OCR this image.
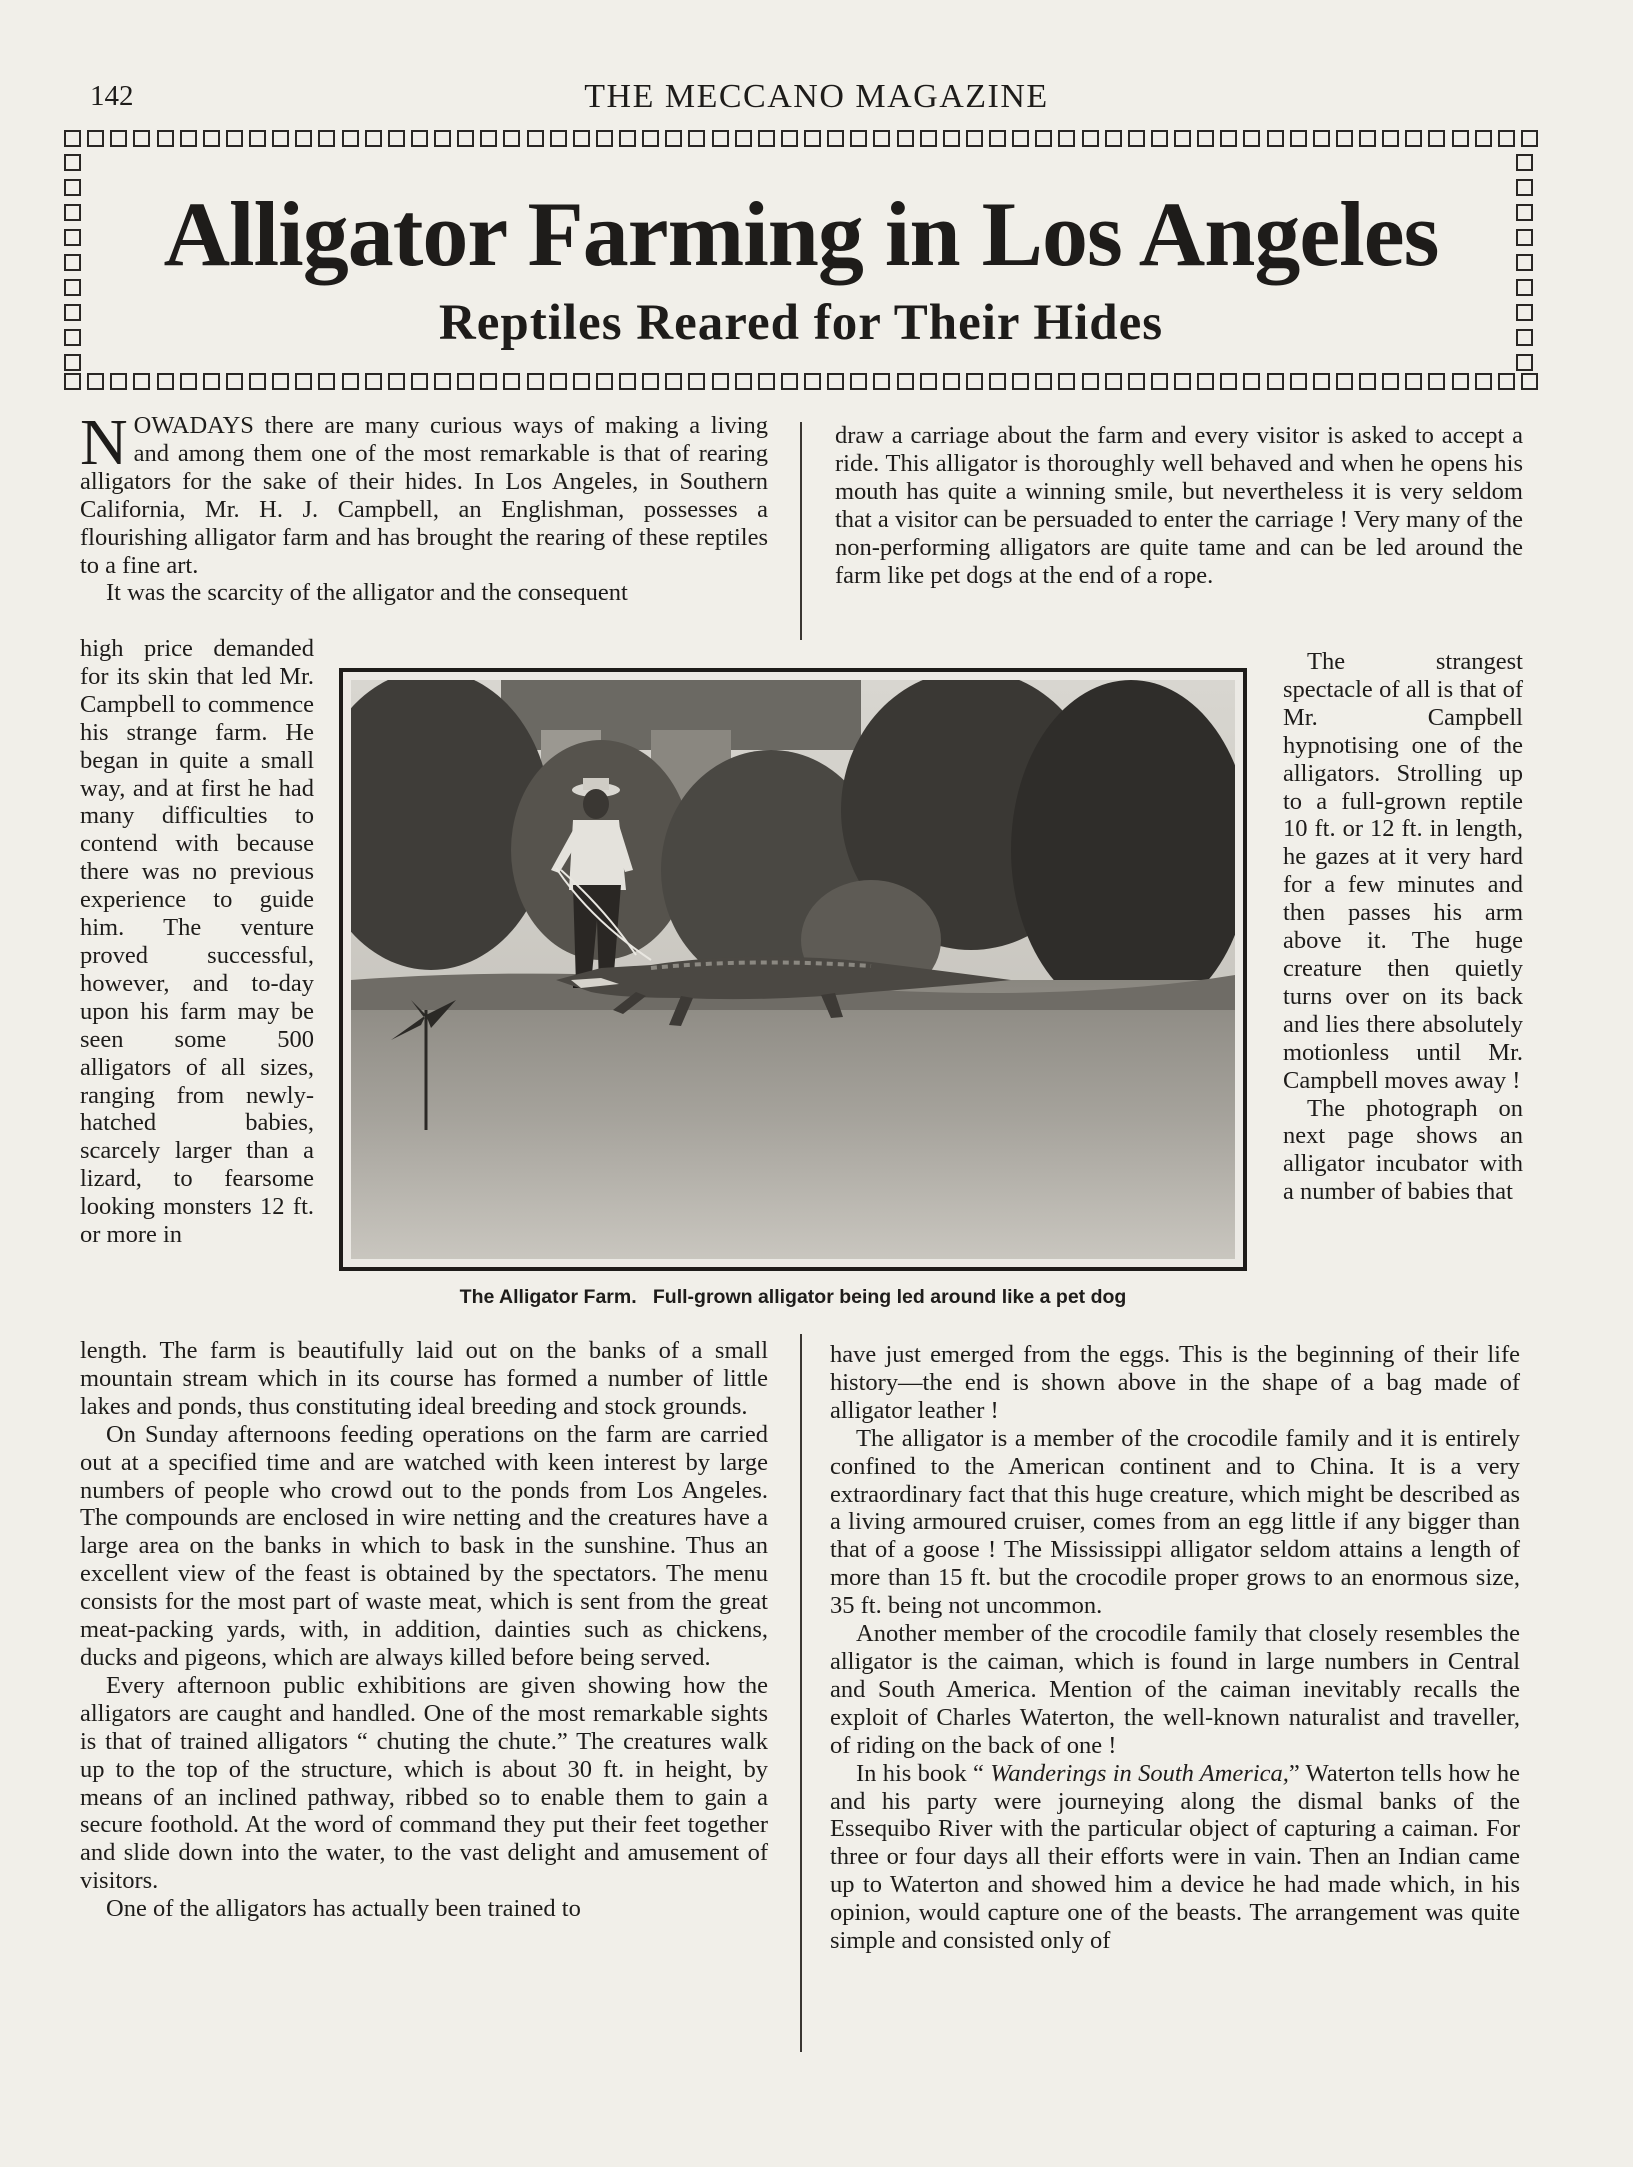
142	THE MECCANO MAGAZINE
Alligator Farming in Los Angeles
Reptiles Reared for Their Hides

NOWADAYS there are many curious ways of making a living and among them one of the most remarkable is that of rearing alligators for the sake of their hides. In Los Angeles, in Southern California, Mr. H. J. Campbell, an Englishman, possesses a flourishing alligator farm and has brought the rearing of these reptiles to a fine art.

It was the scarcity of the alligator and the consequent

high price demanded for its skin that led Mr. Campbell to commence his strange farm. He began in quite a small way, and at first he had many difficulties to contend with because there was no previous experience to guide him. The venture proved successful, however, and to-day upon his farm may be seen some 500 alligators of all sizes, ranging from newly-hatched babies, scarcely larger than a lizard, to fearsome looking monsters 12 ft. or more in

length. The farm is beautifully laid out on the banks of a small mountain stream which in its course has formed a number of little lakes and ponds, thus constituting ideal breeding and stock grounds.

On Sunday afternoons feeding operations on the farm are carried out at a specified time and are watched with keen interest by large numbers of people who crowd out to the ponds from Los Angeles. The compounds are enclosed in wire netting and the creatures have a large area on the banks in which to bask in the sunshine. Thus an excellent view of the feast is obtained by the spectators. The menu consists for the most part of waste meat, which is sent from the great meat-packing yards, with, in addition, dainties such as chickens, ducks and pigeons, which are always killed before being served.

Every afternoon public exhibitions are given showing how the alligators are caught and handled. One of the most remarkable sights is that of trained alligators “ chuting the chute.” The creatures walk up to the top of the structure, which is about 30 ft. in height, by means of an inclined pathway, ribbed so to enable them to gain a secure foothold. At the word of command they put their feet together and slide down into the water, to the vast delight and amusement of visitors.

One of the alligators has actually been trained to

draw a carriage about the farm and every visitor is asked to accept a ride. This alligator is thoroughly well behaved and when he opens his mouth has quite a winning smile, but nevertheless it is very seldom that a visitor can be persuaded to enter the carriage ! Very many of the non-performing alligators are quite tame and can be led around the farm like pet dogs at the end of a rope.

The strangest spectacle of all is that of Mr. Campbell hypnotising one of the alligators. Strolling up to a full-grown reptile 10 ft. or 12 ft. in length, he gazes at it very hard for a few minutes and then passes his arm above it. The huge creature then quietly turns over on its back and lies there absolutely motionless until Mr. Campbell moves away !

The photograph on next page shows an alligator incubator with a number of babies that

have just emerged from the eggs. This is the beginning of their life history—the end is shown above in the shape of a bag made of alligator leather !

The alligator is a member of the crocodile family and it is entirely confined to the American continent and to China. It is a very extraordinary fact that this huge creature, which might be described as a living armoured cruiser, comes from an egg little if any bigger than that of a goose ! The Mississippi alligator seldom attains a length of more than 15 ft. but the crocodile proper grows to an enormous size, 35 ft. being not uncommon.

Another member of the crocodile family that closely resembles the alligator is the caiman, which is found in large numbers in Central and South America. Mention of the caiman inevitably recalls the exploit of Charles Waterton, the well-known naturalist and traveller, of riding on the back of one !

In his book “ Wanderings in South America,” Waterton tells how he and his party were journeying along the dismal banks of the Essequibo River with the particular object of capturing a caiman. For three or four days all their efforts were in vain. Then an Indian came up to Waterton and showed him a device he had made which, in his opinion, would capture one of the beasts. The arrangement was quite simple and consisted only of

The Alligator Farm.   Full-grown alligator being led around like a pet dog
